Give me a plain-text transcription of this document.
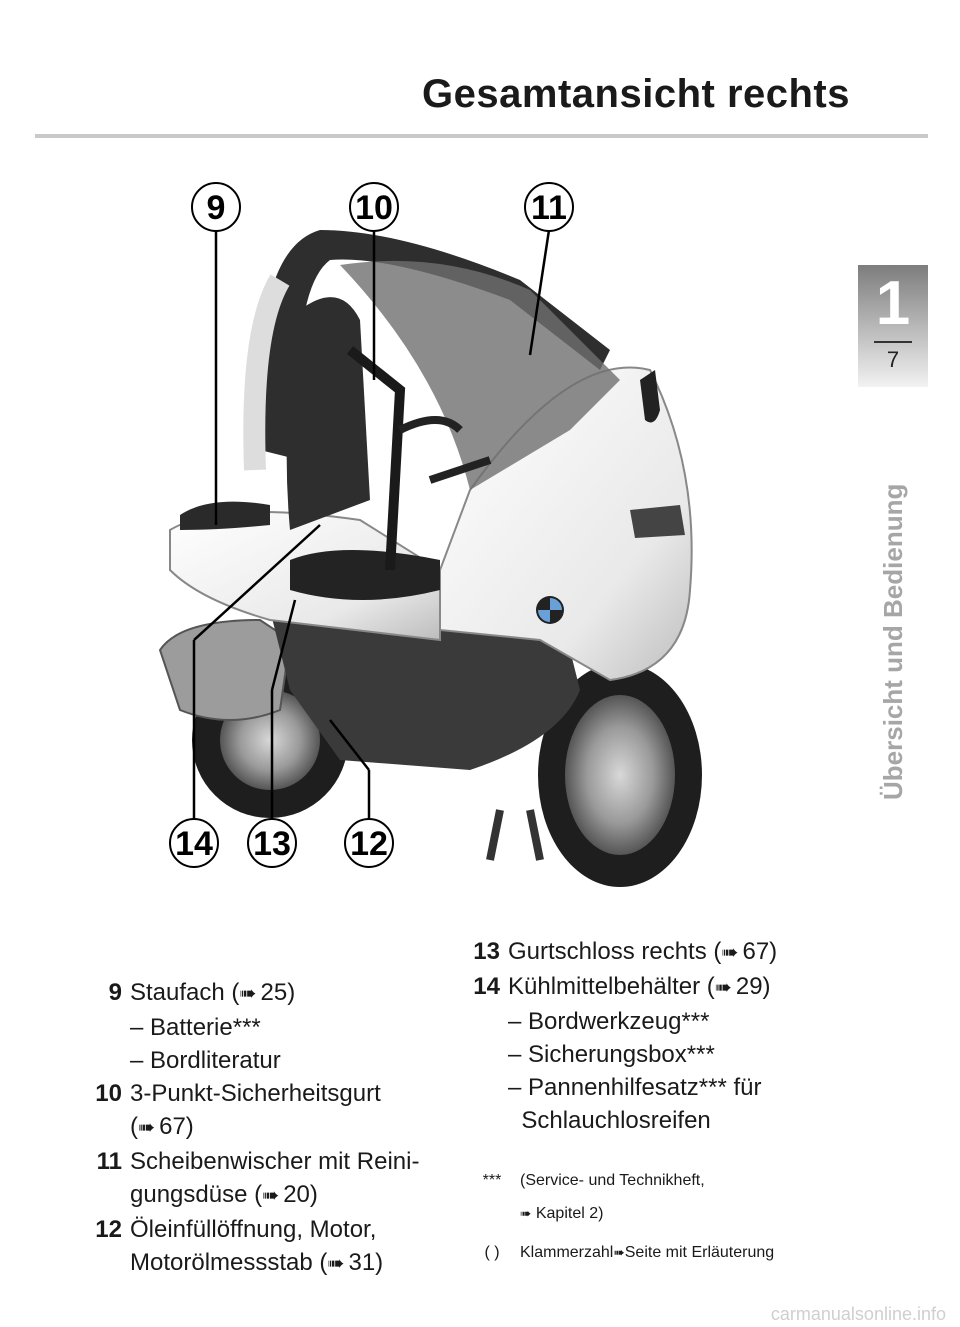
Gesamtansicht rechts
1
7
Übersicht und Bedienung
9	10	11
14 13 12
9 Staufach (➠ 25)
– Batterie***
– Bordliteratur
10 3-Punkt-Sicherheitsgurt
(➠ 67)
11 Scheibenwischer mit Reini-
gungsdüse (➠ 20)
12 Öleinfüllöffnung, Motor,
Motorölmessstab (➠ 31)
13 Gurtschloss rechts (➠ 67)
14 Kühlmittelbehälter (➠ 29)
– Bordwerkzeug***
– Sicherungsbox***
– Pannenhilfesatz*** für
Schlauchlosreifen
***	(Service- und Technikheft,
➠ Kapitel 2)
( )	Klammerzahl➠Seite mit Erläuterung
carmanualsonline.info
